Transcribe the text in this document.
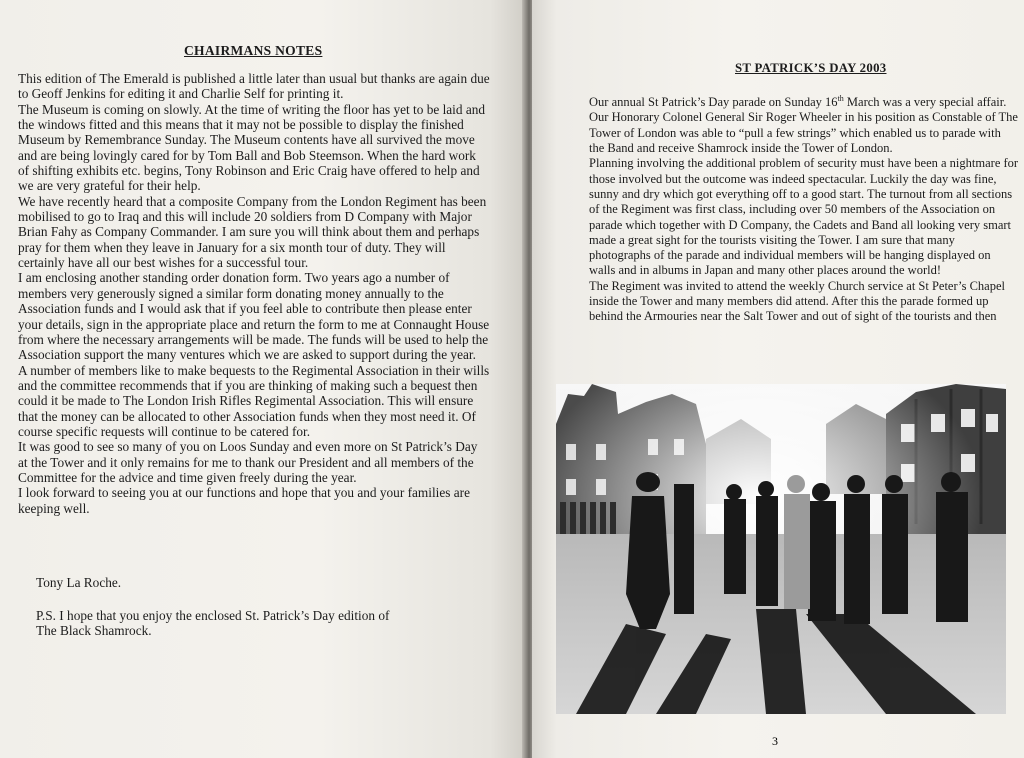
CHAIRMANS NOTES

This edition of The Emerald is published a little later than usual but thanks are again due to Geoff Jenkins for editing it and Charlie Self for printing it.

The Museum is coming on slowly. At the time of writing the floor has yet to be laid and the windows fitted and this means that it may not be possible to display the finished Museum by Remembrance Sunday. The Museum contents have all survived the move and are being lovingly cared for by Tom Ball and Bob Steemson. When the hard work of shifting exhibits etc. begins, Tony Robinson and Eric Craig have offered to help and we are very grateful for their help.

We have recently heard that a composite Company from the London Regiment has been mobilised to go to Iraq and this will include 20 soldiers from D Company with Major Brian Fahy as Company Commander. I am sure you will think about them and perhaps pray for them when they leave in January for a six month tour of duty. They will certainly have all our best wishes for a successful tour.

I am enclosing another standing order donation form. Two years ago a number of members very generously signed a similar form donating money annually to the Association funds and I would ask that if you feel able to contribute then please enter your details, sign in the appropriate place and return the form to me at Connaught House from where the necessary arrangements will be made. The funds will be used to help the Association support the many ventures which we are asked to support during the year.

A number of members like to make bequests to the Regimental Association in their wills and the committee recommends that if you are thinking of making such a bequest then could it be made to The London Irish Rifles Regimental Association. This will ensure that the money can be allocated to other Association funds when they most need it. Of course specific requests will continue to be catered for.

It was good to see so many of you on Loos Sunday and even more on St Patrick’s Day at the Tower and it only remains for me to thank our President and all members of the Committee for the advice and time given freely during the year.

I look forward to seeing you at our functions and hope that you and your families are keeping well.

Tony La Roche.
P.S. I hope that you enjoy the enclosed St. Patrick’s Day edition of
The Black Shamrock.
ST PATRICK’S DAY 2003

Our annual St Patrick’s Day parade on Sunday 16th March was a very special affair. Our Honorary Colonel General Sir Roger Wheeler in his position as Constable of The Tower of London was able to “pull a few strings” which enabled us to parade with the Band and receive Shamrock inside the Tower of London.

Planning involving the additional problem of security must have been a nightmare for those involved but the outcome was indeed spectacular. Luckily the day was fine, sunny and dry which got everything off to a good start. The turnout from all sections of the Regiment was first class, including over 50 members of the Association on parade which together with D Company, the Cadets and Band all looking very smart made a great sight for the tourists visiting the Tower. I am sure that many photographs of the parade and individual members will be hanging displayed on walls and in albums in Japan and many other places around the world!

The Regiment was invited to attend the weekly Church service at St Peter’s Chapel inside the Tower and many members did attend. After this the parade formed up behind the Armouries near the Salt Tower and out of sight of the tourists and then

3
